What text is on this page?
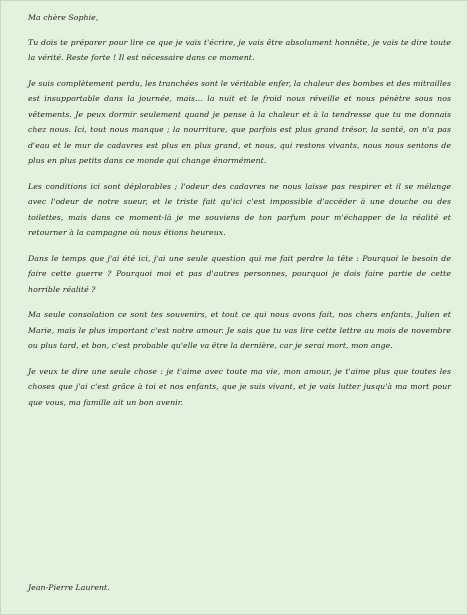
Ma chère Sophie,

Tu dois te préparer pour lire ce que je vais t'écrire, je vais être absolument honnête, je vais te dire toute la vérité. Reste forte ! Il est nécessaire dans ce moment.

Je suis complètement perdu, les tranchées sont le véritable enfer, la chaleur des bombes et des mitrailles est insupportable dans la journée, mais… la nuit et le froid nous réveille et nous pénètre sous nos vêtements. Je peux dormir seulement quand je pense à la chaleur et à la tendresse que tu me donnais chez nous. Ici, tout nous manque ; la nourriture, que parfois est plus grand trésor, la santé, on n'a pas d'eau et le mur de cadavres est plus en plus grand, et nous, qui restons vivants, nous nous sentons de plus en plus petits dans ce monde qui change énormément.

Les conditions ici sont déplorables ; l'odeur des cadavres ne nous laisse pas respirer et il se mélange avec l'odeur de notre sueur, et le triste fait qu'ici c'est impossible d'accéder à une douche ou des toilettes, mais dans ce moment-là je me souviens de ton parfum pour m'échapper de la réalité et retourner à la campagne où nous étions heureux.

Dans le temps que j'ai été ici, j'ai une seule question qui me fait perdre la tête : Pourquoi le besoin de faire cette guerre ? Pourquoi moi et pas d'autres personnes, pourquoi je dois faire partie de cette horrible réalité ?

Ma seule consolation ce sont tes souvenirs, et tout ce qui nous avons fait, nos chers enfants, Julien et Marie, mais le plus important c'est notre amour. Je sais que tu vas lire cette lettre au mois de novembre ou plus tard, et bon, c'est probable qu'elle va être la dernière, car je serai mort, mon ange.

Je veux te dire une seule chose : je t'aime avec toute ma vie, mon amour, je t'aime plus que toutes les choses que j'ai c'est grâce à toi et nos enfants, que je suis vivant, et je vais lutter jusqu'à ma mort pour que vous, ma famille ait un bon avenir.

Jean-Pierre Laurent.
